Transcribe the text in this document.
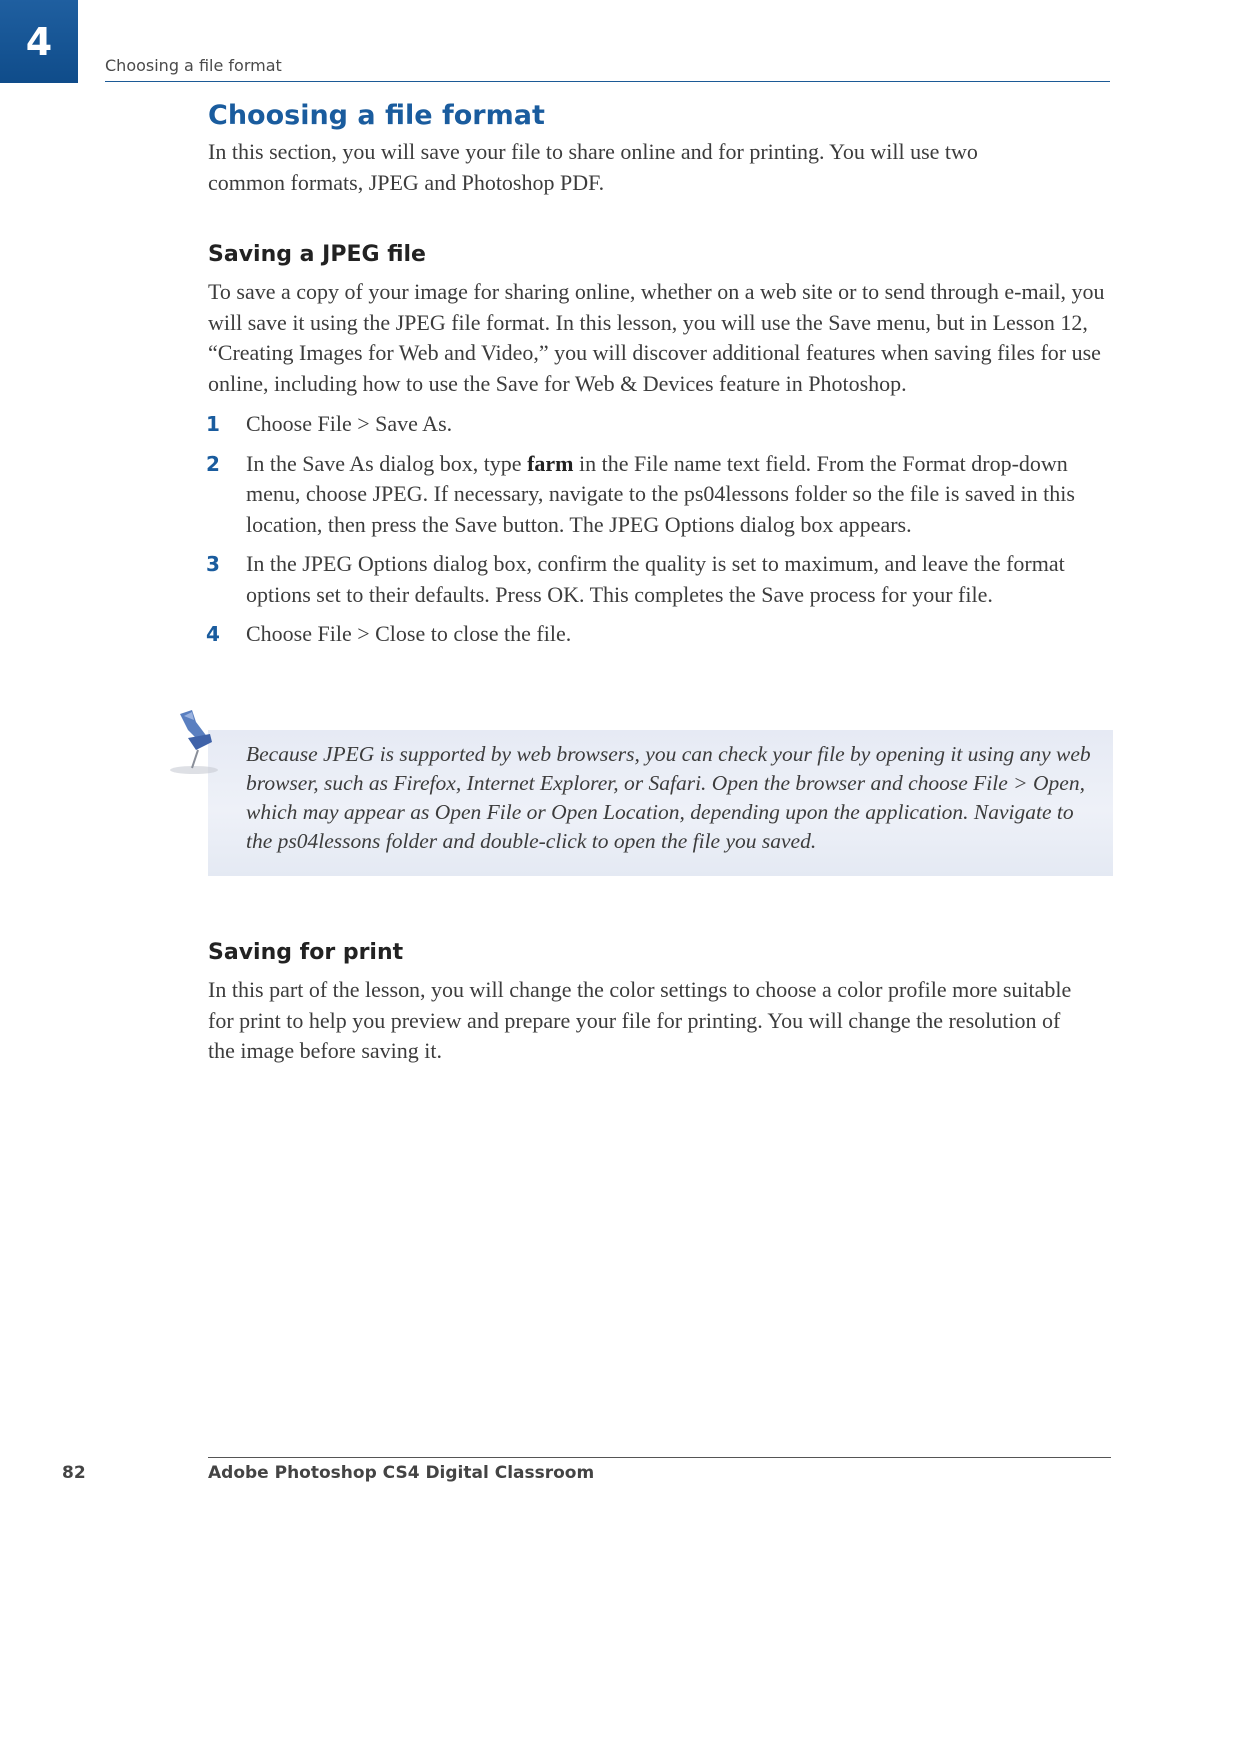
4
Choosing a file format
Choosing a file format

In this section, you will save your file to share online and for printing. You will use two common formats, JPEG and Photoshop PDF.

Saving a JPEG file

To save a copy of your image for sharing online, whether on a web site or to send through e-mail, you will save it using the JPEG file format. In this lesson, you will use the Save menu, but in Lesson 12, “Creating Images for Web and Video,” you will discover additional features when saving files for use online, including how to use the Save for Web & Devices feature in Photoshop.

1	Choose File > Save As.
2	In the Save As dialog box, type farm in the File name text field. From the Format drop-down menu, choose JPEG. If necessary, navigate to the ps04lessons folder so the file is saved in this location, then press the Save button. The JPEG Options dialog box appears.
3	In the JPEG Options dialog box, confirm the quality is set to maximum, and leave the format options set to their defaults. Press OK. This completes the Save process for your file.
4	Choose File > Close to close the file.
Because JPEG is supported by web browsers, you can check your file by opening it using any web browser, such as Firefox, Internet Explorer, or Safari. Open the browser and choose File > Open, which may appear as Open File or Open Location, depending upon the application. Navigate to the ps04lessons folder and double-click to open the file you saved.
Saving for print

In this part of the lesson, you will change the color settings to choose a color profile more suitable for print to help you preview and prepare your file for printing. You will change the resolution of the image before saving it.

82	Adobe Photoshop CS4 Digital Classroom
